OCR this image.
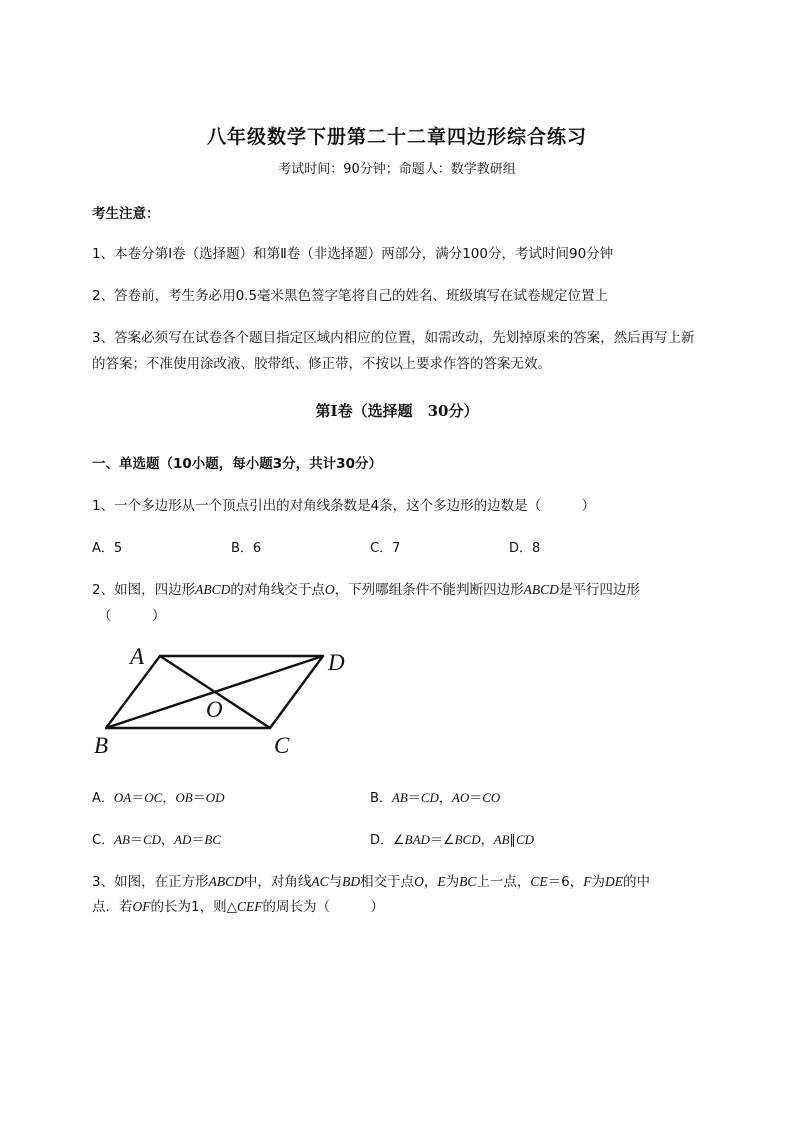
八年级数学下册第二十二章四边形综合练习
考试时间：90分钟；命题人：数学教研组
考生注意：
1、本卷分第I卷（选择题）和第Ⅱ卷（非选择题）两部分，满分100分，考试时间90分钟
2、答卷前，考生务必用0.5毫米黑色签字笔将自己的姓名、班级填写在试卷规定位置上
3、答案必须写在试卷各个题目指定区域内相应的位置，如需改动，先划掉原来的答案，然后再写上新
的答案；不准使用涂改液、胶带纸、修正带，不按以上要求作答的答案无效。
第I卷（选择题　30分）
一、单选题（10小题，每小题3分，共计30分）
1、一个多边形从一个顶点引出的对角线条数是4条，这个多边形的边数是（　　　）
A．5	B．6	C．7	D．8
2、如图，四边形ABCD的对角线交于点O，下列哪组条件不能判断四边形ABCD是平行四边形
（　　　）
A	D
O
B	C
A．OA＝OC，OB＝OD	B．AB＝CD，AO＝CO
C．AB＝CD，AD＝BC	D．∠BAD＝∠BCD，AB∥CD
3、如图，在正方形ABCD中，对角线AC与BD相交于点O，E为BC上一点，CE＝6，F为DE的中
点．若OF的长为1，则△CEF的周长为（　　　）
